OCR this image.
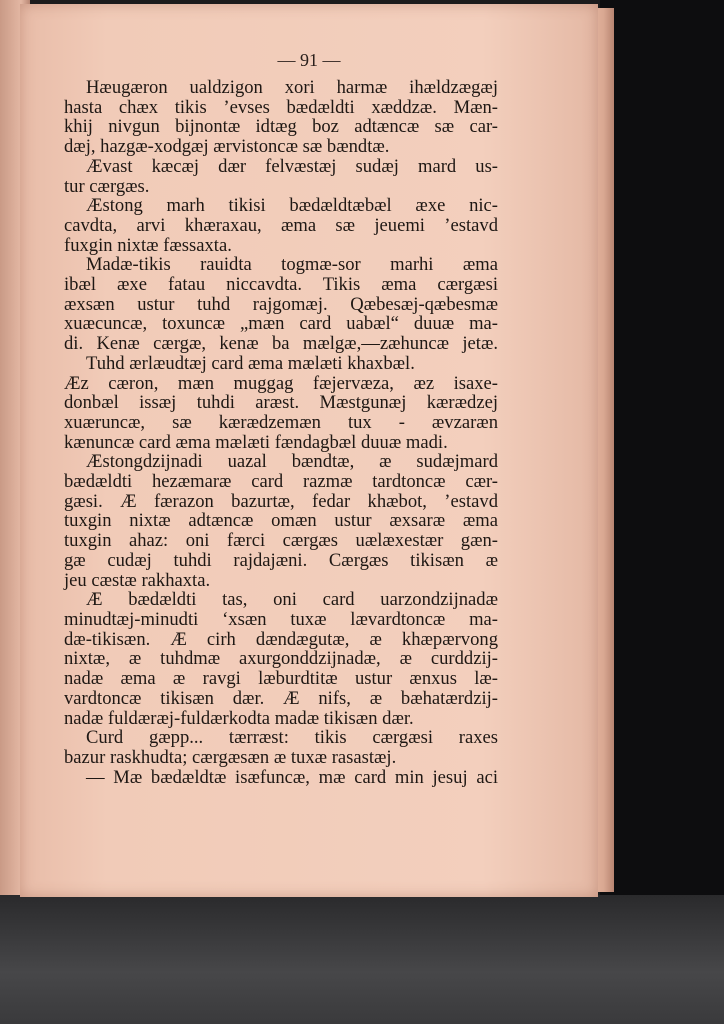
— 91 —
Hæugæron ualdzigon xori harmæ ihældzægæj
hasta chæx tikis ’evses bædældti xæddzæ. Mæn-
khij nivgun bijnontæ idtæg boz adtæncæ sæ car-
dæj, hazgæ-xodgæj ærvistoncæ sæ bændtæ.
Ævast kæcæj dær felvæstæj sudæj mard us-
tur cærgæs.
Æstong marh tikisi bædældtæbæl æxe nic-
cavdta, arvi khæraxau, æma sæ jeuemi ’estavd
fuxgin nixtæ fæssaxta.
Madæ-tikis rauidta togmæ-sor marhi æma
ibæl æxe fatau niccavdta. Tikis æma cærgæsi
æxsæn ustur tuhd rajgomæj. Qæbesæj-qæbesmæ
xuæcuncæ, toxuncæ „mæn card uabæl“ duuæ ma-
di. Kenæ cærgæ, kenæ ba mælgæ,—zæhuncæ jetæ.
Tuhd ærlæudtæj card æma mælæti khaxbæl.
Æz cæron, mæn muggag fæjervæza, æz isaxe-
donbæl issæj tuhdi aræst. Mæstgunæj kærædzej
xuæruncæ, sæ kærædzemæn tux - ævzaræn
kænuncæ card æma mælæti fændagbæl duuæ madi.
Æstongdzijnadi uazal bændtæ, æ sudæjmard
bædældti hezæmaræ card razmæ tardtoncæ cær-
gæsi. Æ færazon bazurtæ, fedar khæbot, ’estavd
tuxgin nixtæ adtæncæ omæn ustur æxsaræ æma
tuxgin ahaz: oni færci cærgæs uælæxestær gæn-
gæ cudæj tuhdi rajdajæni. Cærgæs tikisæn æ
jeu cæstæ rakhaxta.
Æ bædældti tas, oni card uarzondzijnadæ
minudtæj-minudti ‘xsæn tuxæ lævardtoncæ ma-
dæ-tikisæn. Æ cirh dændægutæ, æ khæpærvong
nixtæ, æ tuhdmæ axurgonddzijnadæ, æ curddzij-
nadæ æma æ ravgi læburdtitæ ustur ænxus læ-
vardtoncæ tikisæn dær. Æ nifs, æ bæhatærdzij-
nadæ fuldæræj-fuldærkodta madæ tikisæn dær.
Curd gæpp... tærræst: tikis cærgæsi raxes
bazur raskhudta; cærgæsæn æ tuxæ rasastæj.
— Mæ bædældtæ isæfuncæ, mæ card min jesuj aci
